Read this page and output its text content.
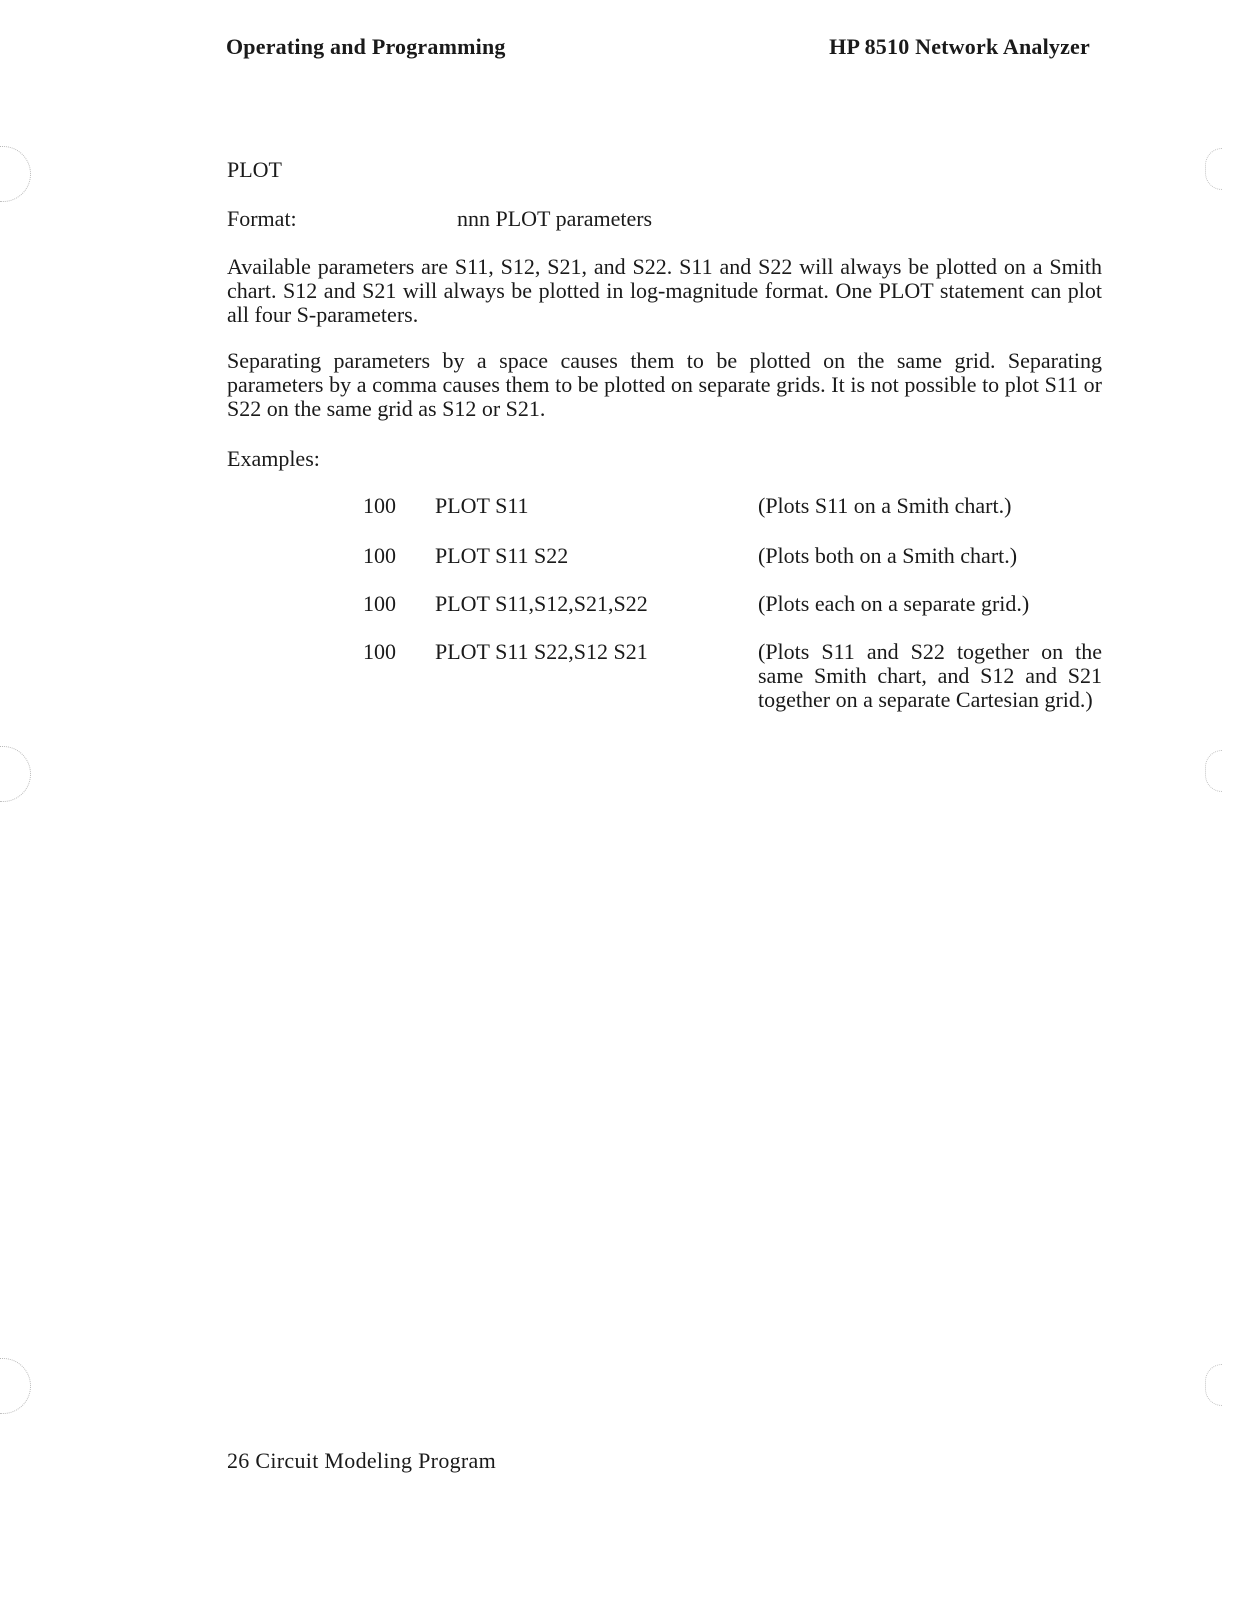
Operating and Programming	HP 8510 Network Analyzer
PLOT
Format:	nnn PLOT parameters
Available parameters are S11, S12, S21, and S22. S11 and S22 will always be plotted on a Smith chart. S12 and S21 will always be plotted in log-magnitude format. One PLOT statement can plot all four S-parameters.
Separating parameters by a space causes them to be plotted on the same grid. Separating parameters by a comma causes them to be plotted on separate grids. It is not possible to plot S11 or S22 on the same grid as S12 or S21.
Examples:
100 PLOT S11	(Plots S11 on a Smith chart.)
100 PLOT S11 S22	(Plots both on a Smith chart.)
100 PLOT S11,S12,S21,S22	(Plots each on a separate grid.)
100 PLOT S11 S22,S12 S21	(Plots S11 and S22 together on the same Smith chart, and S12 and S21 together on a separate Cartesian grid.)
26 Circuit Modeling Program
